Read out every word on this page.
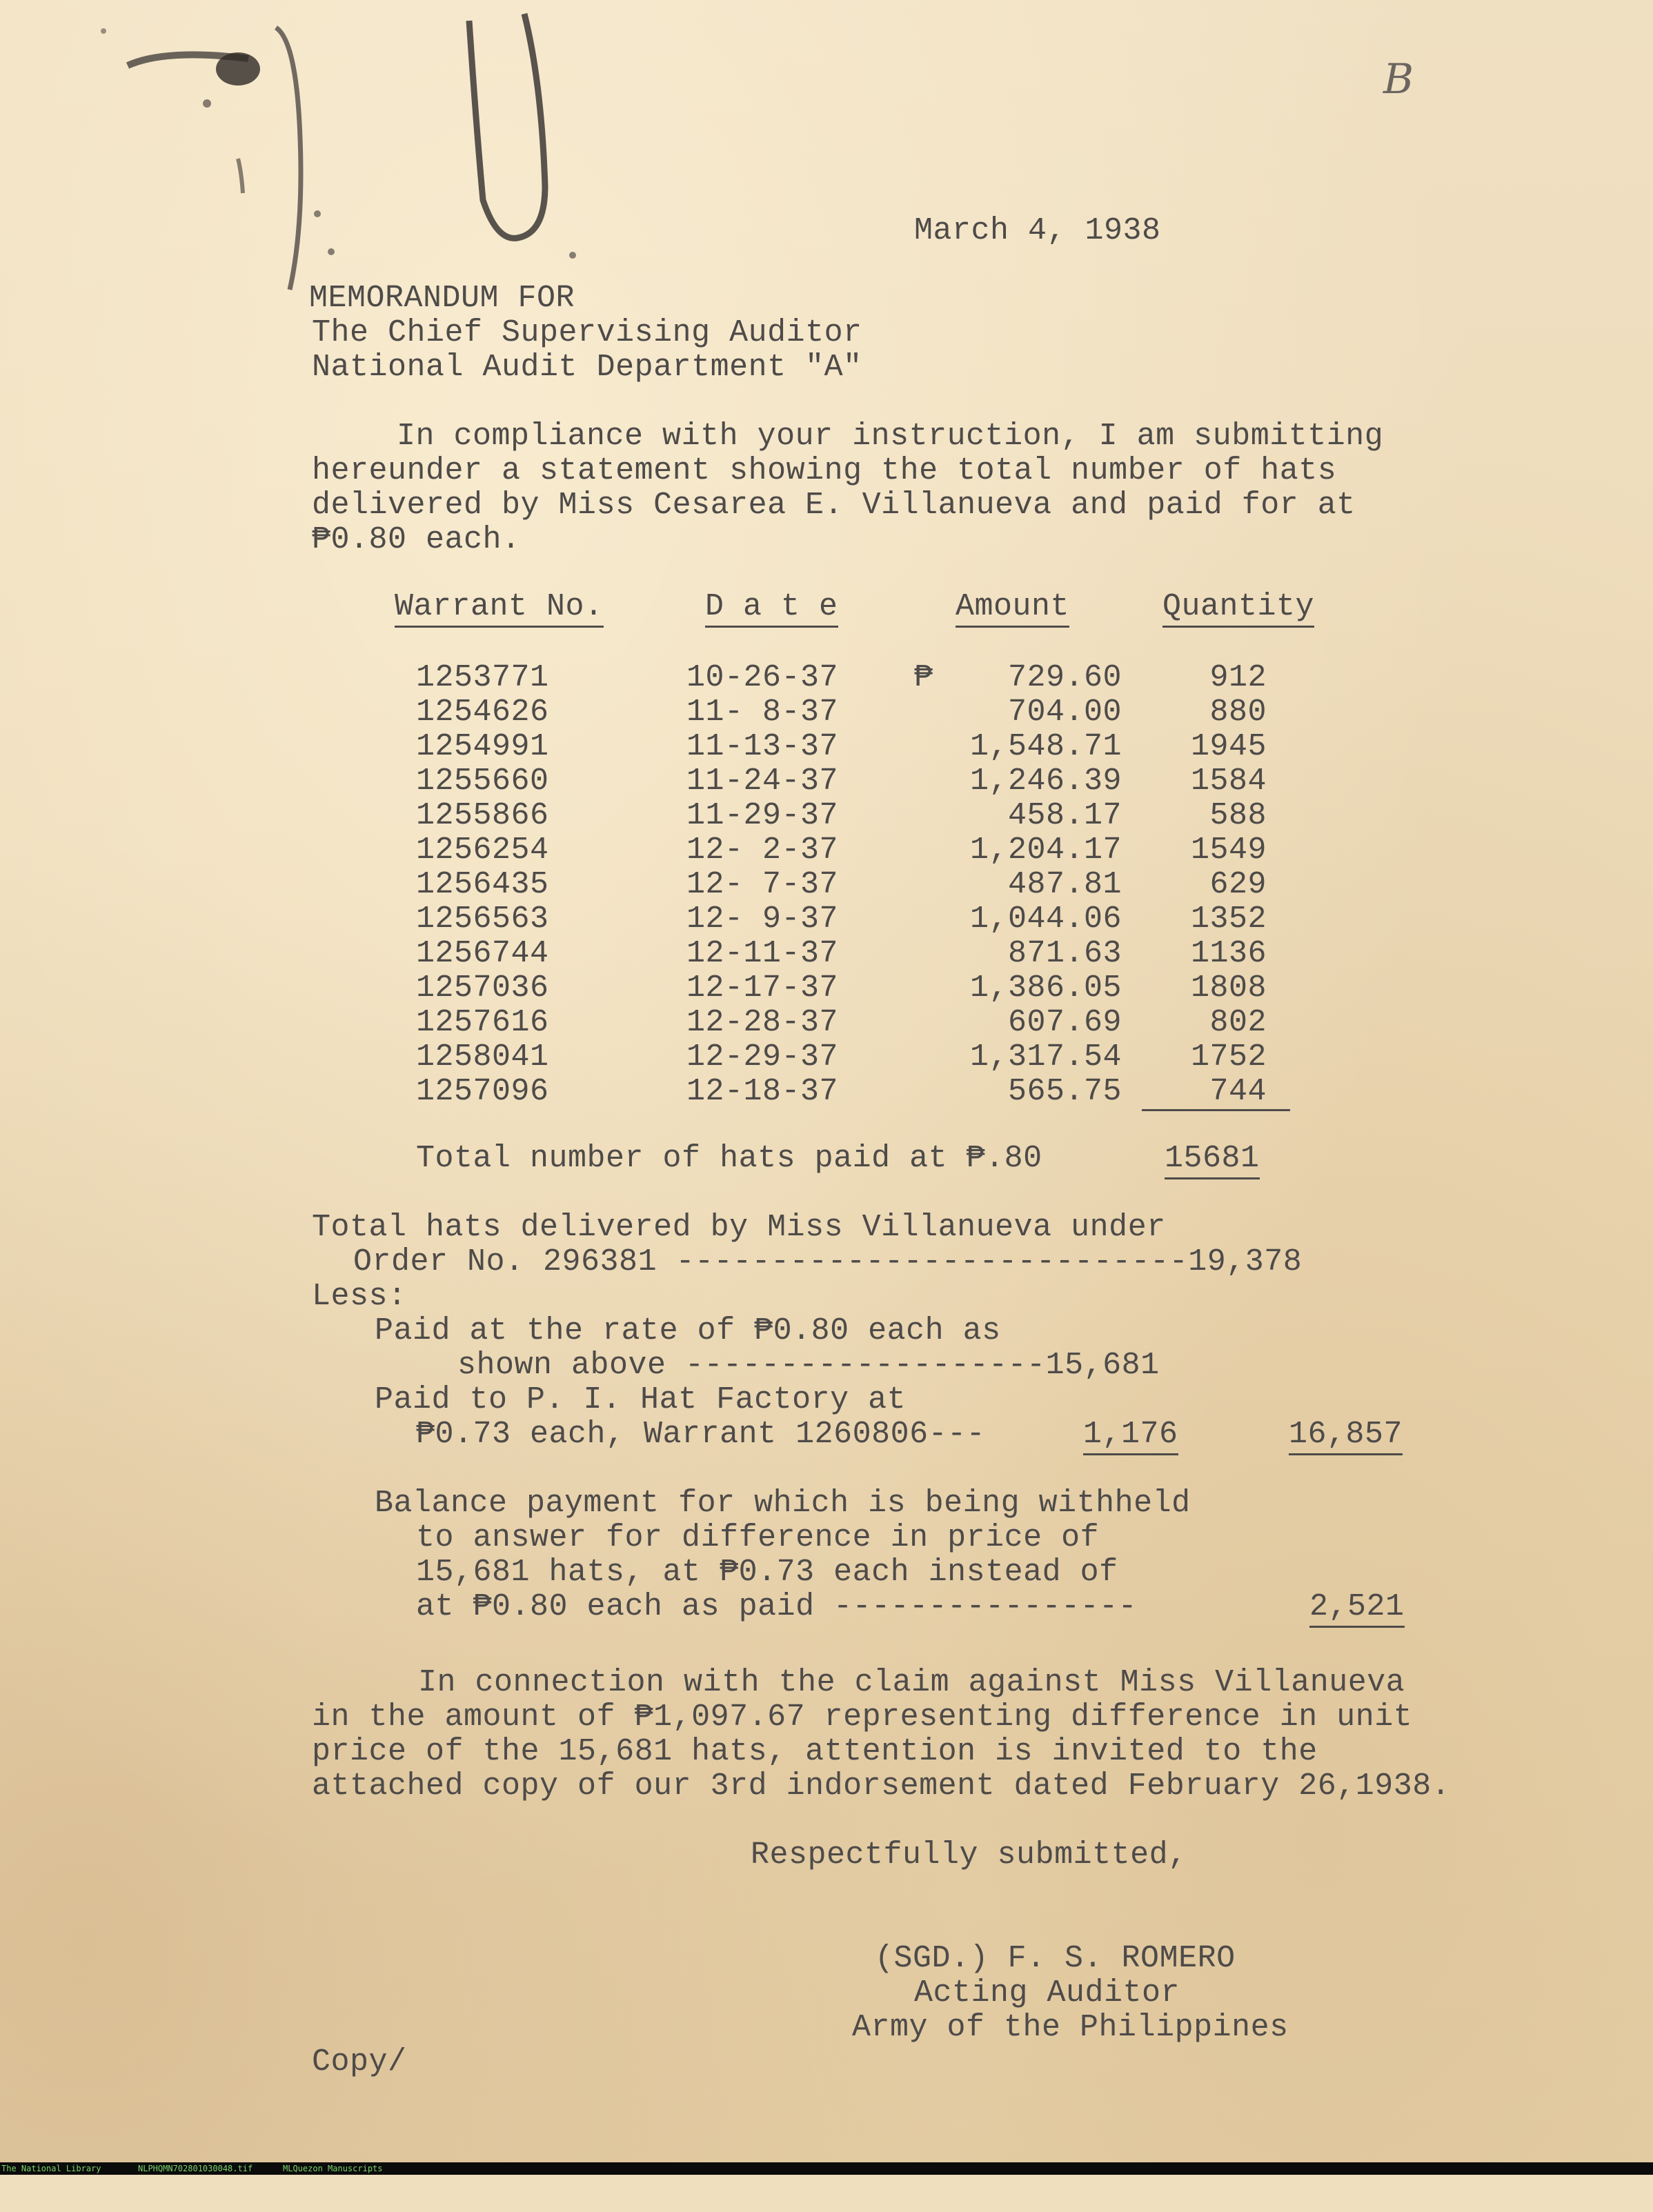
B
March 4, 1938
MEMORANDUM FOR
The Chief Supervising Auditor
National Audit Department "A"
In compliance with your instruction, I am submitting
hereunder a statement showing the total number of hats
delivered by Miss Cesarea E. Villanueva and paid for at
₱0.80 each.
Warrant No.	D a t e	Amount	Quantity
₱
1253771	10-26-37	729.60	912
1254626	11- 8-37	704.00	880
1254991	11-13-37	1,548.71 1945
1255660	11-24-37	1,246.39 1584
1255866	11-29-37	458.17	588
1256254	12- 2-37	1,204.17 1549
1256435	12- 7-37	487.81	629
1256563	12- 9-37	1,044.06 1352
1256744	12-11-37	871.63 1136
1257036	12-17-37	1,386.05 1808
1257616	12-28-37	607.69	802
1258041	12-29-37	1,317.54 1752
1257096	12-18-37	565.75	744
Total number of hats paid at ₱.80	15681
Total hats delivered by Miss Villanueva under
Order No. 296381 ---------------------------19,378
Less:
Paid at the rate of ₱0.80 each as
shown above -------------------15,681
Paid to P. I. Hat Factory at
₱0.73 each, Warrant 1260806---	1,176	16,857
Balance payment for which is being withheld
to answer for difference in price of
15,681 hats, at ₱0.73 each instead of
at ₱0.80 each as paid ----------------	2,521
In connection with the claim against Miss Villanueva
in the amount of ₱1,097.67 representing difference in unit
price of the 15,681 hats, attention is invited to the
attached copy of our 3rd indorsement dated February 26,1938.
Respectfully submitted,
(SGD.) F. S. ROMERO
Acting Auditor
Army of the Philippines
Copy/

The National Library

	NLPHQMN702801030048.tif

	MLQuezon Manuscripts
